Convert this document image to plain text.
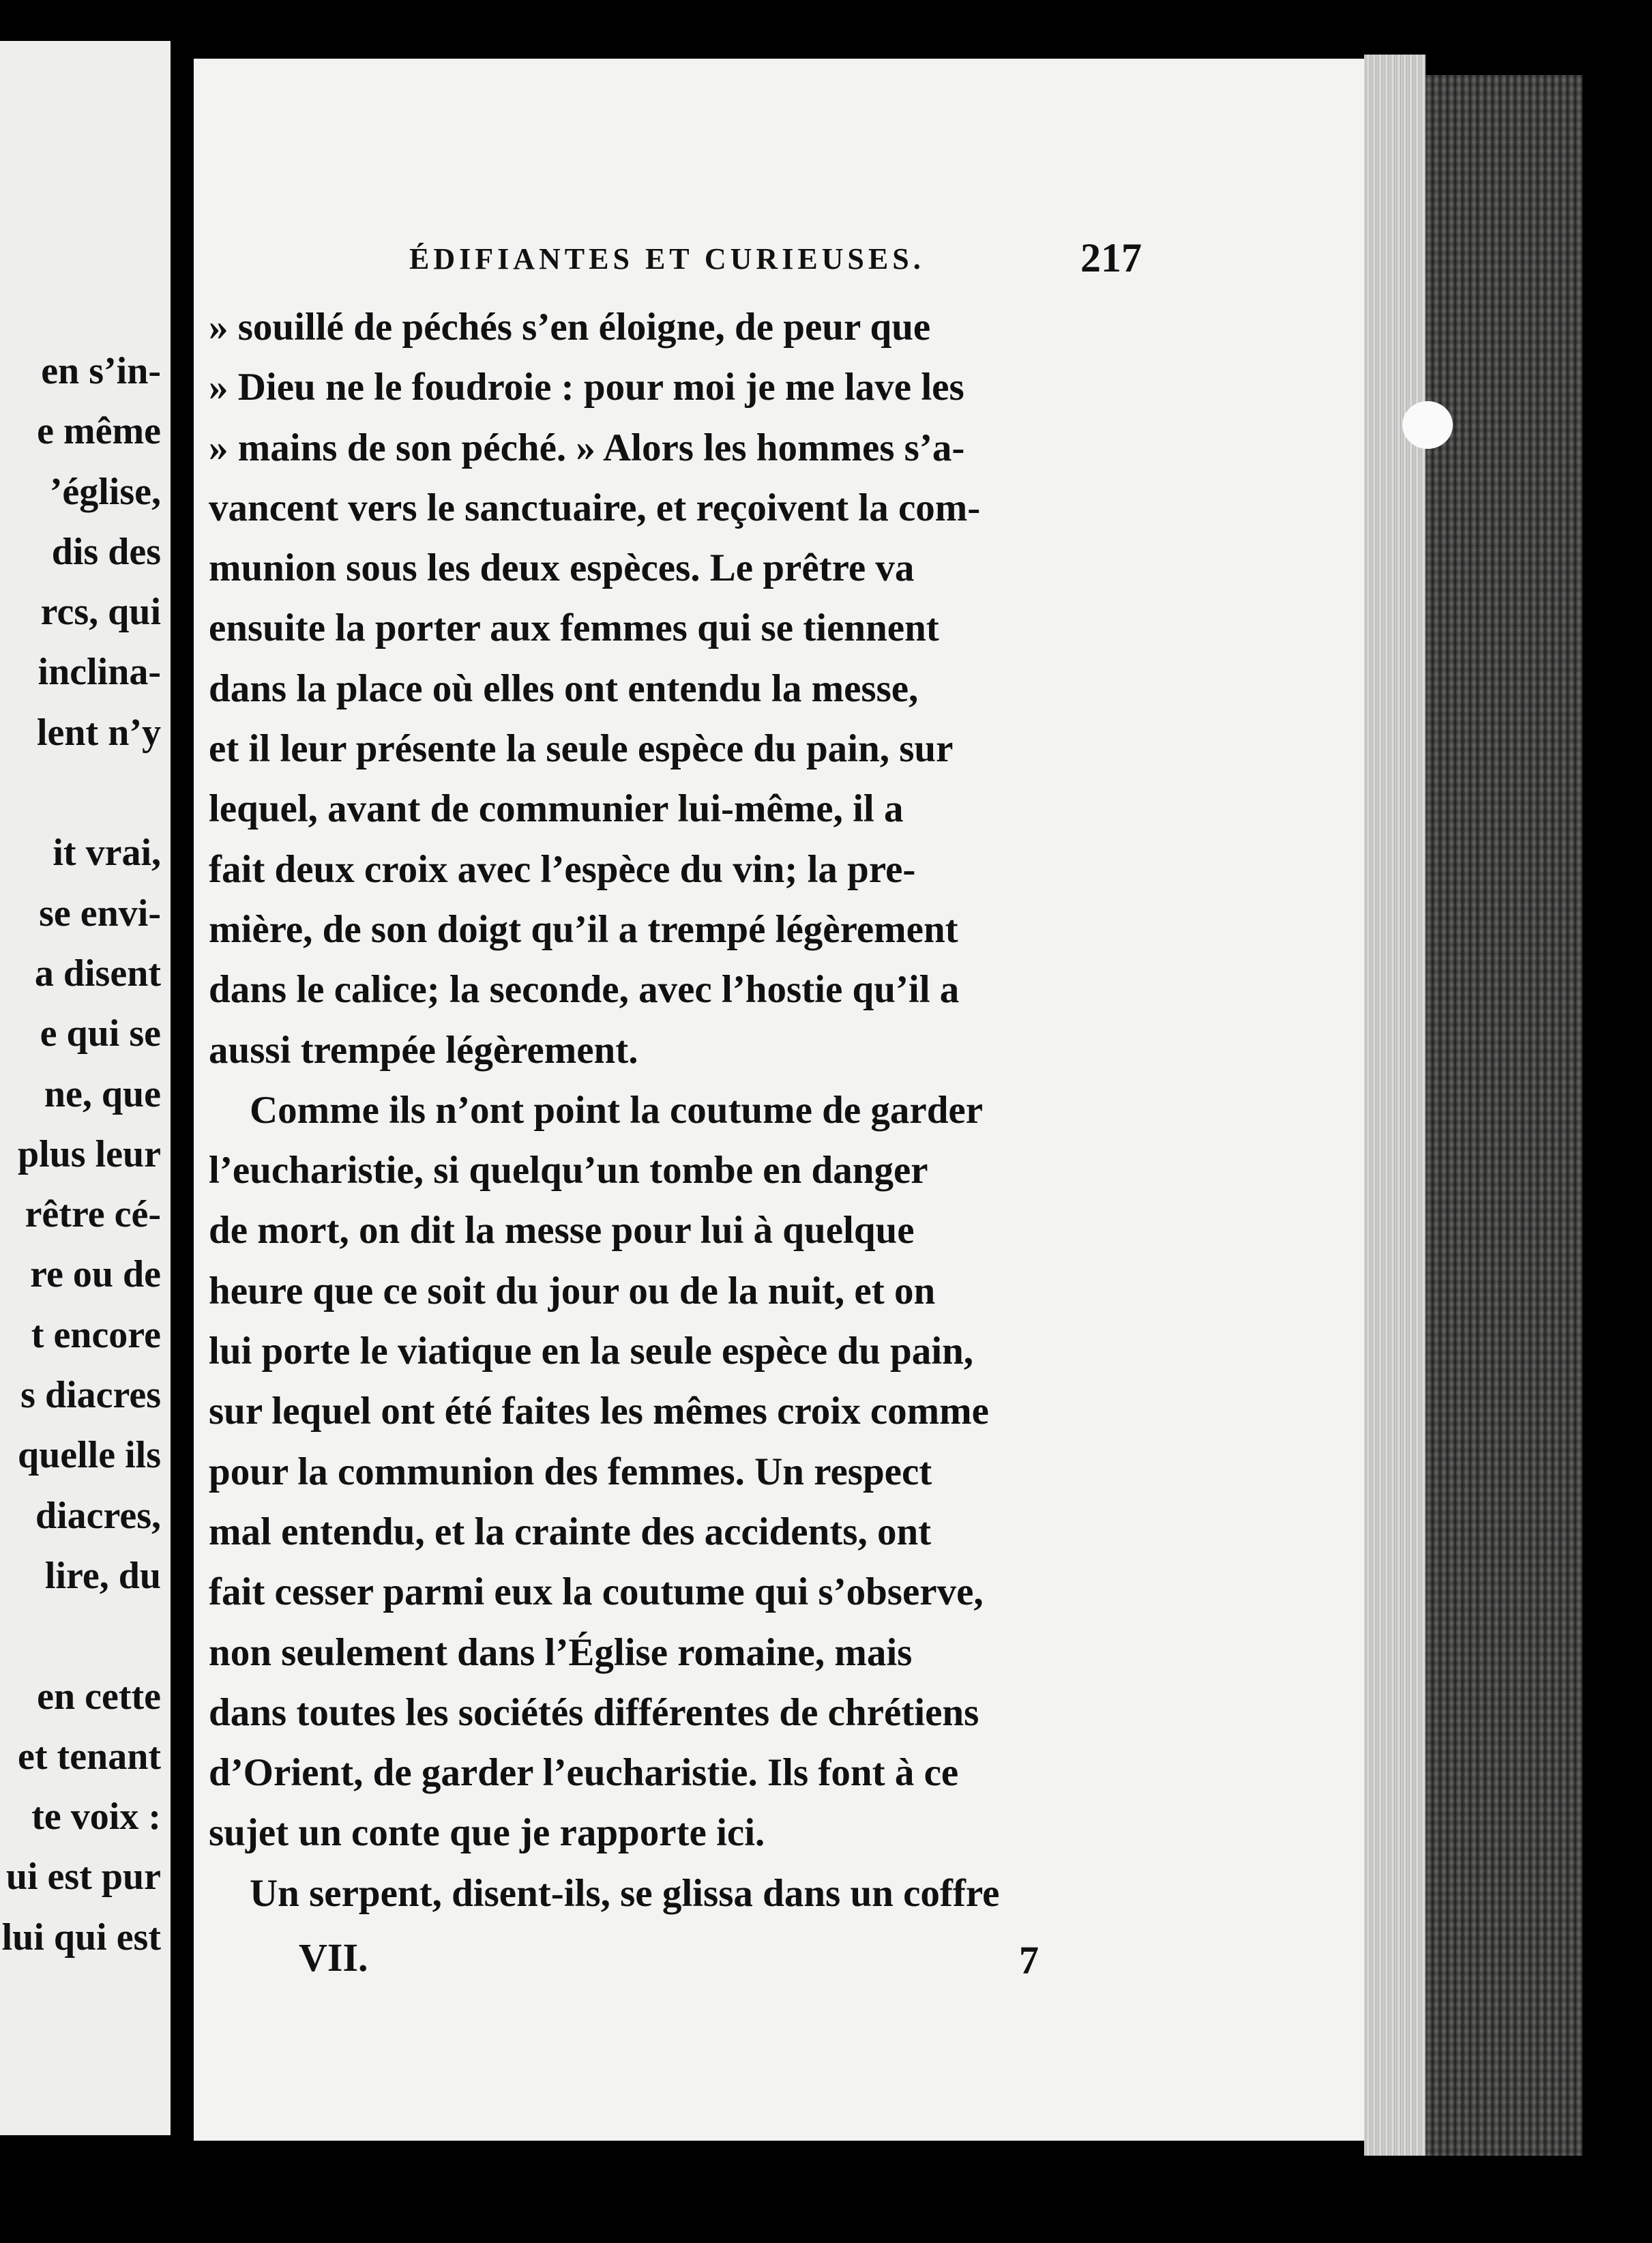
en s’in-
e même
’église,
dis des
rcs, qui
inclina-
lent n’y
it vrai,
se envi-
a disent
e qui se
ne, que
plus leur
rêtre cé-
re ou de
t encore
s diacres
quelle ils
diacres,
lire, du
en cette
et tenant
te voix :
ui est pur
lui qui est
ÉDIFIANTES ET CURIEUSES.	217
» souillé de péchés s’en éloigne, de peur que
» Dieu ne le foudroie : pour moi je me lave les
» mains de son péché. » Alors les hommes s’a-
vancent vers le sanctuaire, et reçoivent la com-
munion sous les deux espèces. Le prêtre va
ensuite la porter aux femmes qui se tiennent
dans la place où elles ont entendu la messe,
et il leur présente la seule espèce du pain, sur
lequel, avant de communier lui-même, il a
fait deux croix avec l’espèce du vin; la pre-
mière, de son doigt qu’il a trempé légèrement
dans le calice; la seconde, avec l’hostie qu’il a
aussi trempée légèrement.
Comme ils n’ont point la coutume de garder
l’eucharistie, si quelqu’un tombe en danger
de mort, on dit la messe pour lui à quelque
heure que ce soit du jour ou de la nuit, et on
lui porte le viatique en la seule espèce du pain,
sur lequel ont été faites les mêmes croix comme
pour la communion des femmes. Un respect
mal entendu, et la crainte des accidents, ont
fait cesser parmi eux la coutume qui s’observe,
non seulement dans l’Église romaine, mais
dans toutes les sociétés différentes de chrétiens
d’Orient, de garder l’eucharistie. Ils font à ce
sujet un conte que je rapporte ici.
Un serpent, disent-ils, se glissa dans un coffre
VII.	7
